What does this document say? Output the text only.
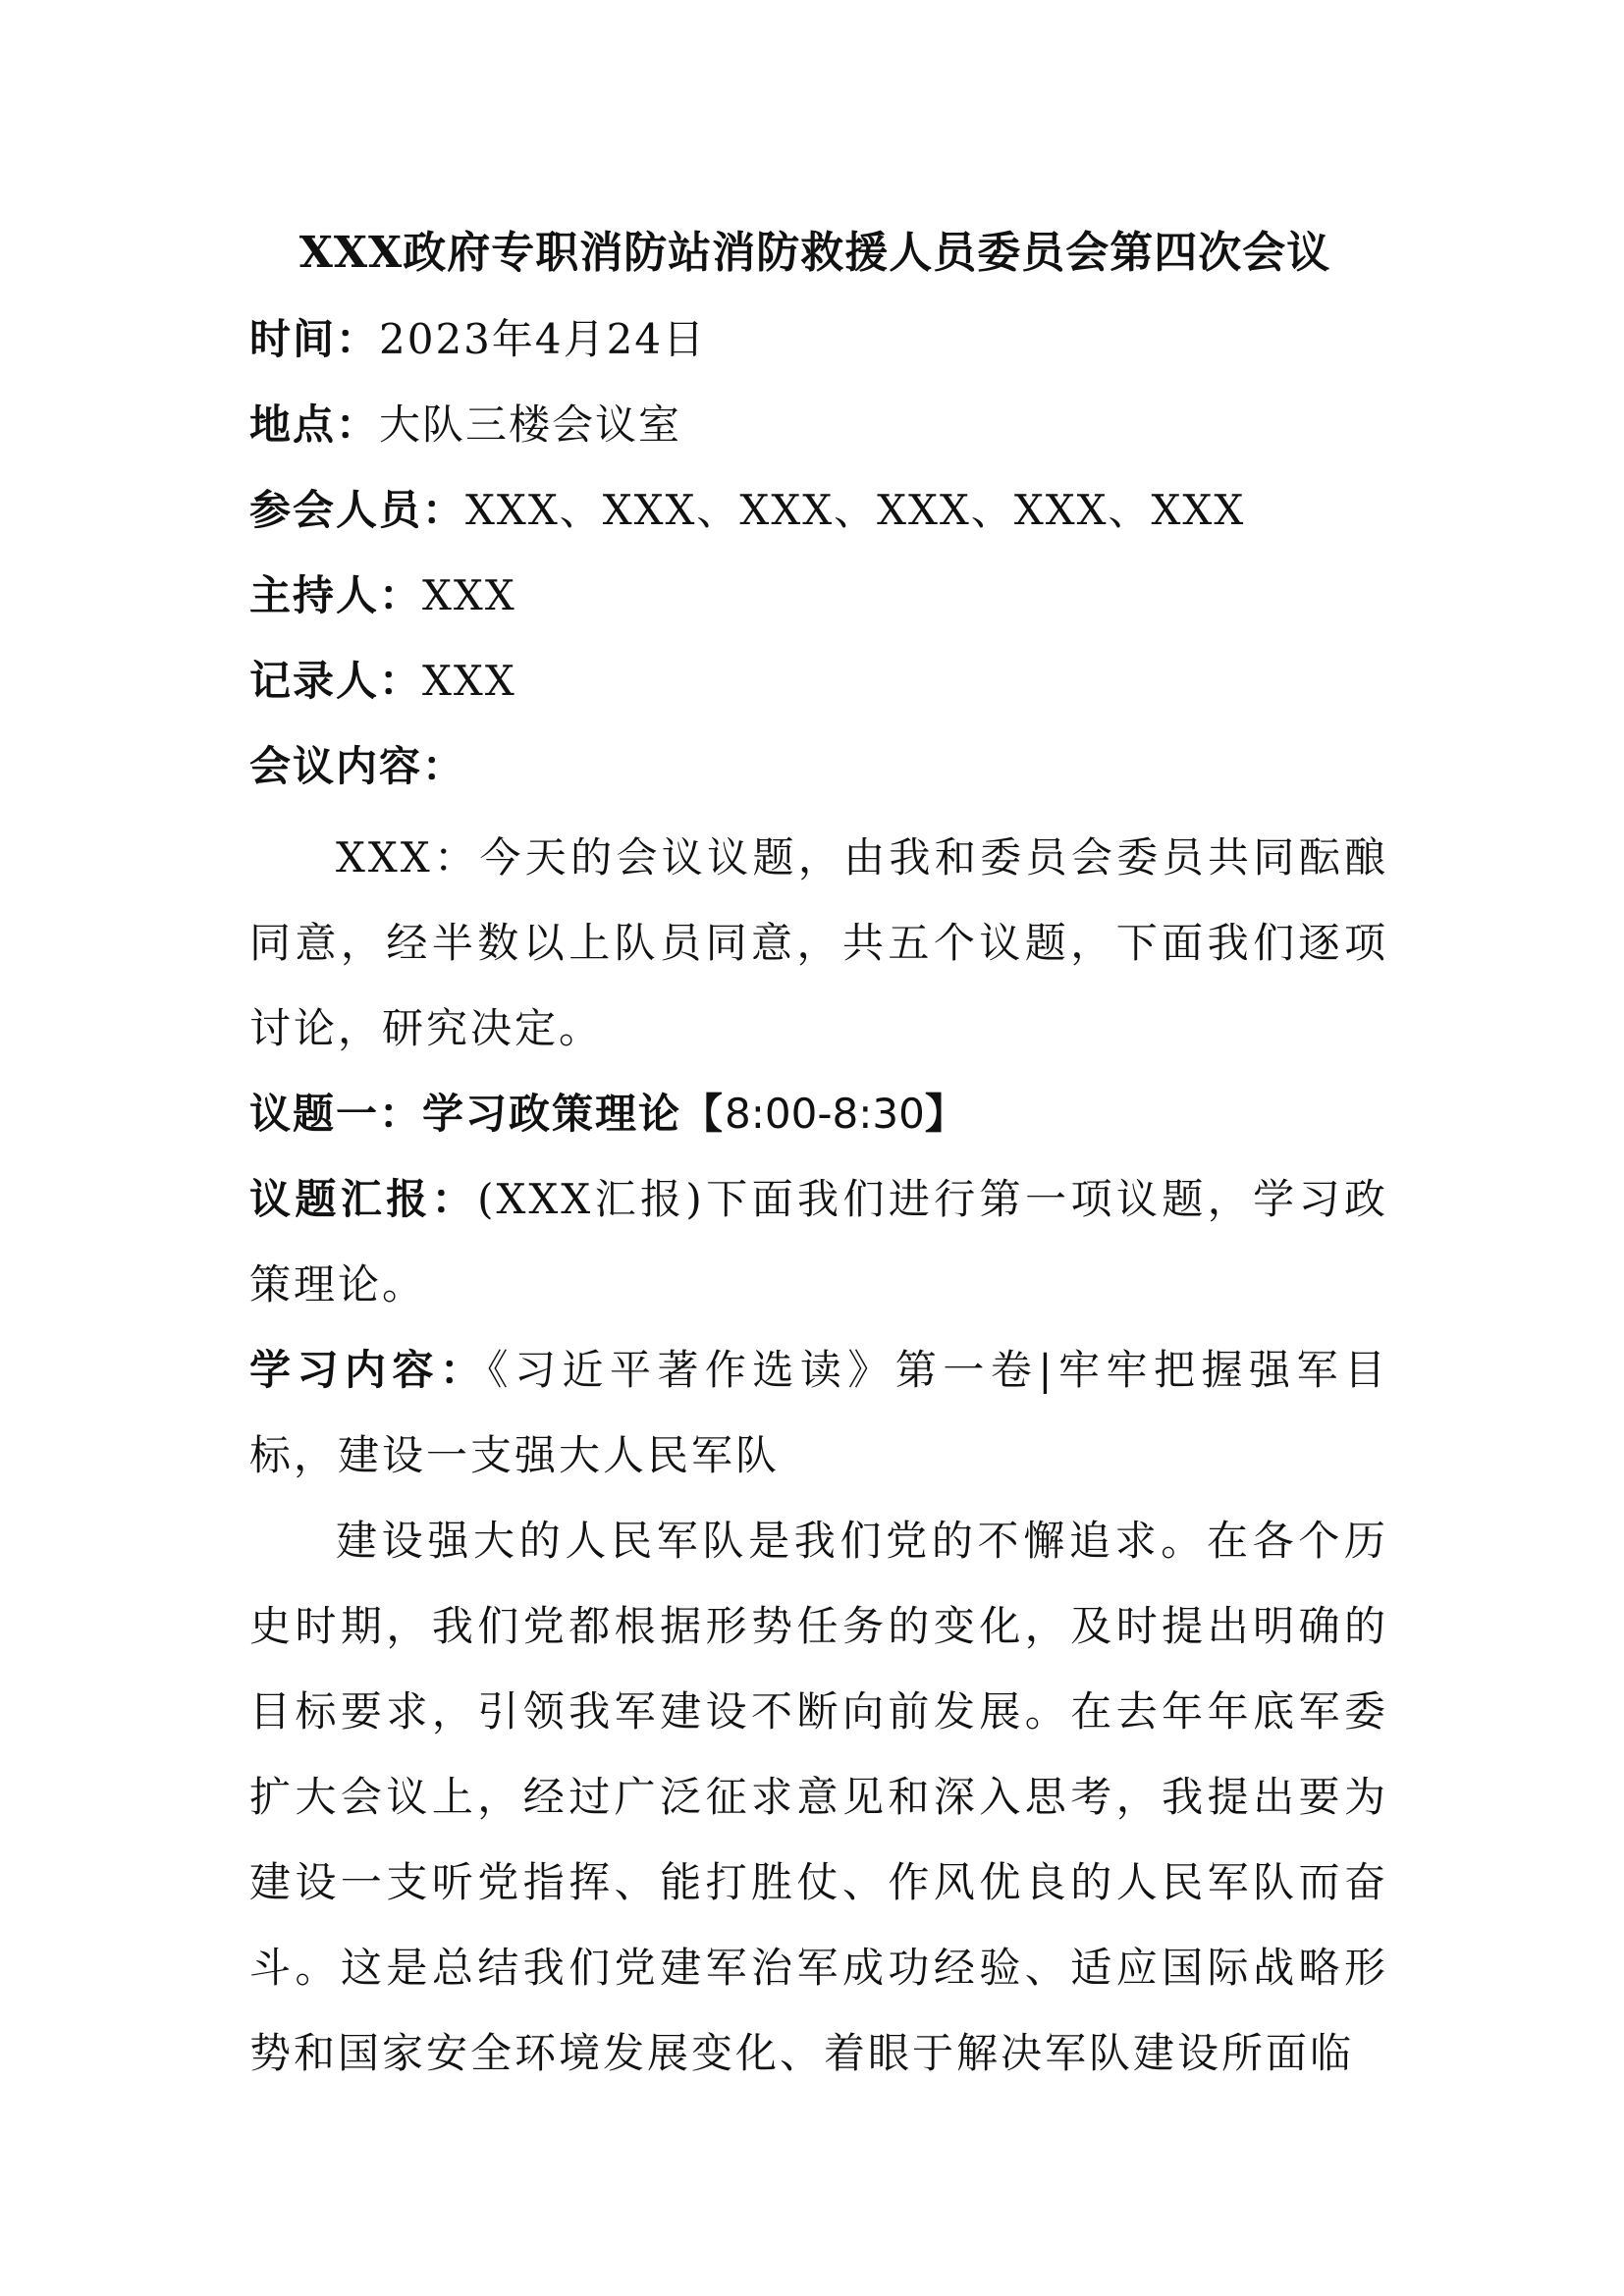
XXX政府专职消防站消防救援人员委员会第四次会议
时间：2023年4月24日
地点：大队三楼会议室
参会人员：XXX、XXX、XXX、XXX、XXX、XXX
主持人：XXX
记录人：XXX
会议内容：
XXX：今天的会议议题，由我和委员会委员共同酝酿同意，经半数以上队员同意，共五个议题，下面我们逐项讨论，研究决定。
议题一：学习政策理论【8:00-8:30】
议题汇报：(XXX汇报)下面我们进行第一项议题，学习政策理论。
学习内容：《习近平著作选读》第一卷|牢牢把握强军目标，建设一支强大人民军队
建设强大的人民军队是我们党的不懈追求。在各个历史时期，我们党都根据形势任务的变化，及时提出明确的目标要求，引领我军建设不断向前发展。在去年年底军委扩大会议上，经过广泛征求意见和深入思考，我提出要为建设一支听党指挥、能打胜仗、作风优良的人民军队而奋斗。这是总结我们党建军治军成功经验、适应国际战略形势和国家安全环境发展变化、着眼于解决军队建设所面临
